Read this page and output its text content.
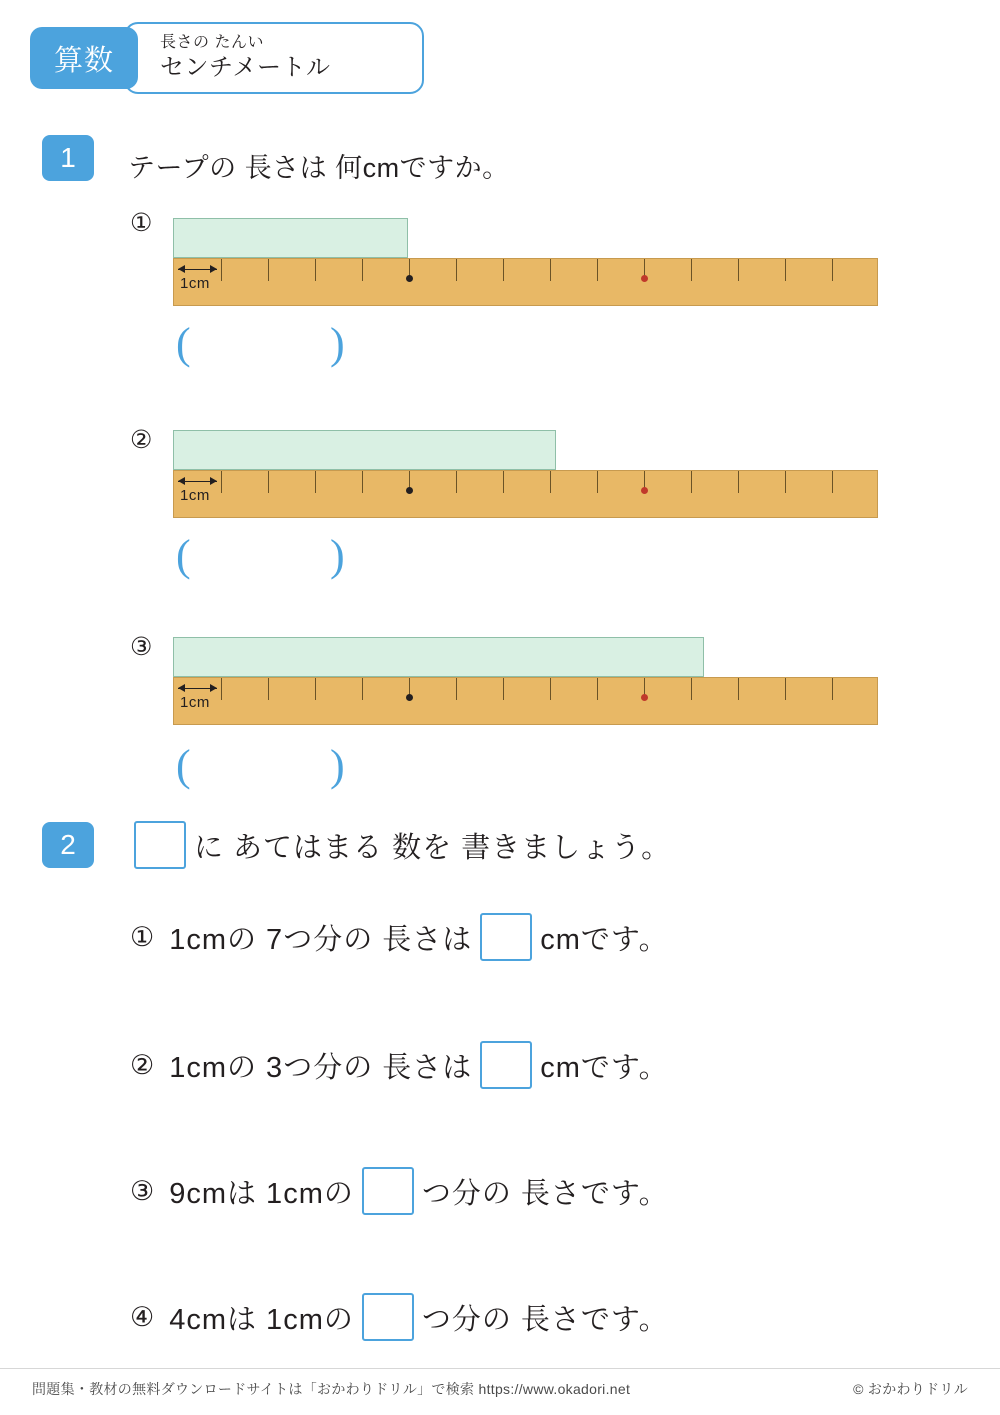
算数
長さの たんい
センチメートル
1	テープの 長さは 何cmですか。
①
1cm
(	)
②
1cm
(	)
③
1cm
(	)
2	に あてはまる 数を 書きましょう。
① 1cmの 7つ分の 長さは cmです。
② 1cmの 3つ分の 長さは cmです。
③ 9cmは 1cmの つ分の 長さです。
④ 4cmは 1cmの つ分の 長さです。
問題集・教材の無料ダウンロードサイトは「おかわりドリル」で検索 https://www.okadori.net	© おかわりドリル
